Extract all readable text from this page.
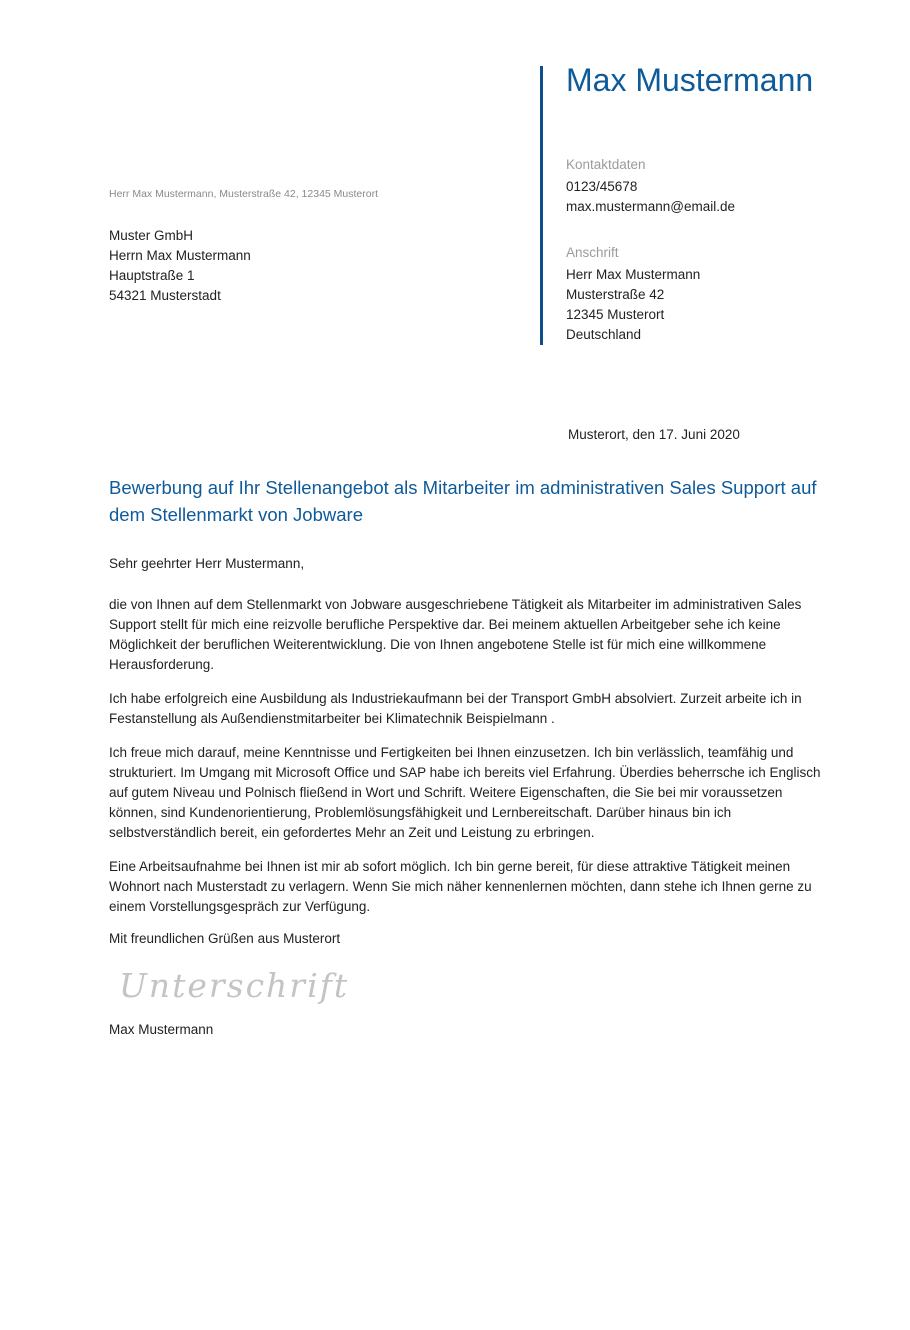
Herr Max Mustermann, Musterstraße 42, 12345 Musterort
Muster GmbH
Herrn Max Mustermann
Hauptstraße 1
54321 Musterstadt
Max Mustermann
Kontaktdaten
0123/45678
max.mustermann@email.de
Anschrift
Herr Max Mustermann
Musterstraße 42
12345 Musterort
Deutschland
Musterort, den 17. Juni 2020
Bewerbung auf Ihr Stellenangebot als Mitarbeiter im administrativen Sales Support auf dem Stellenmarkt von Jobware
Sehr geehrter Herr Mustermann,

die von Ihnen auf dem Stellenmarkt von Jobware ausgeschriebene Tätigkeit als Mitarbeiter im administrativen Sales Support stellt für mich eine reizvolle berufliche Perspektive dar. Bei meinem aktuellen Arbeitgeber sehe ich keine Möglichkeit der beruflichen Weiterentwicklung. Die von Ihnen angebotene Stelle ist für mich eine willkommene Herausforderung.

Ich habe erfolgreich eine Ausbildung als Industriekaufmann bei der Transport GmbH absolviert. Zurzeit arbeite ich in Festanstellung als Außendienstmitarbeiter bei Klimatechnik Beispielmann .

Ich freue mich darauf, meine Kenntnisse und Fertigkeiten bei Ihnen einzusetzen. Ich bin verlässlich, teamfähig und strukturiert. Im Umgang mit Microsoft Office und SAP habe ich bereits viel Erfahrung. Überdies beherrsche ich Englisch auf gutem Niveau und Polnisch fließend in Wort und Schrift. Weitere Eigenschaften, die Sie bei mir voraussetzen können, sind Kundenorientierung, Problemlösungsfähigkeit und Lernbereitschaft. Darüber hinaus bin ich selbstverständlich bereit, ein gefordertes Mehr an Zeit und Leistung zu erbringen.

Eine Arbeitsaufnahme bei Ihnen ist mir ab sofort möglich. Ich bin gerne bereit, für diese attraktive Tätigkeit meinen Wohnort nach Musterstadt zu verlagern. Wenn Sie mich näher kennenlernen möchten, dann stehe ich Ihnen gerne zu einem Vorstellungsgespräch zur Verfügung.

Mit freundlichen Grüßen aus Musterort
Unterschrift
Max Mustermann
